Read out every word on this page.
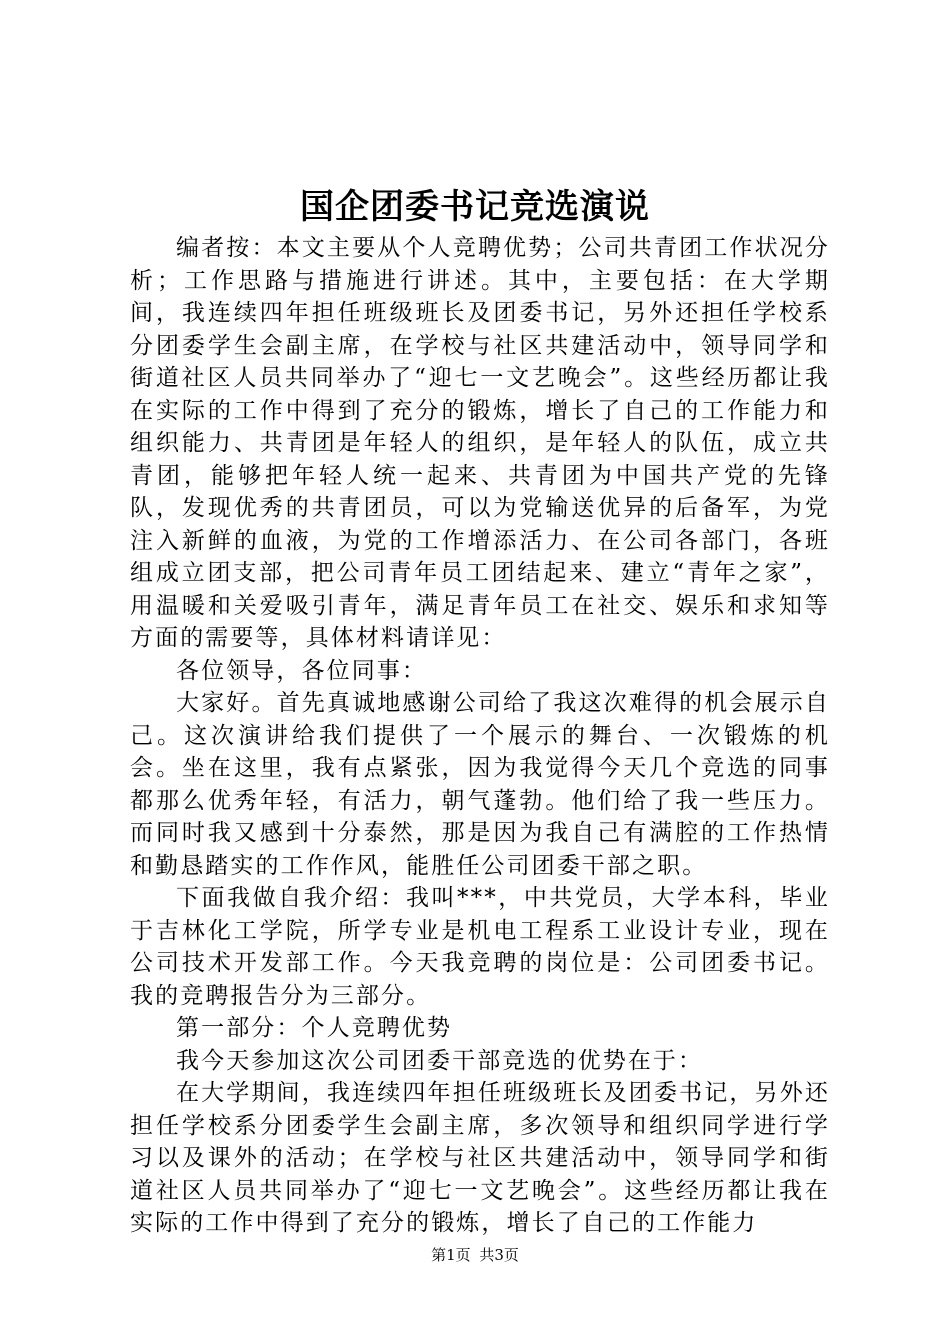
国企团委书记竞选演说

编者按：本文主要从个人竞聘优势；公司共青团工作状况分析；工作思路与措施进行讲述。其中，主要包括：在大学期间，我连续四年担任班级班长及团委书记，另外还担任学校系分团委学生会副主席，在学校与社区共建活动中，领导同学和街道社区人员共同举办了“迎七一文艺晚会”。这些经历都让我在实际的工作中得到了充分的锻炼，增长了自己的工作能力和组织能力、共青团是年轻人的组织，是年轻人的队伍，成立共青团，能够把年轻人统一起来、共青团为中国共产党的先锋队，发现优秀的共青团员，可以为党输送优异的后备军，为党注入新鲜的血液，为党的工作增添活力、在公司各部门，各班组成立团支部，把公司青年员工团结起来、建立“青年之家”，用温暖和关爱吸引青年，满足青年员工在社交、娱乐和求知等方面的需要等，具体材料请详见：

各位领导，各位同事：

大家好。首先真诚地感谢公司给了我这次难得的机会展示自己。这次演讲给我们提供了一个展示的舞台、一次锻炼的机会。坐在这里，我有点紧张，因为我觉得今天几个竞选的同事都那么优秀年轻，有活力，朝气蓬勃。他们给了我一些压力。而同时我又感到十分泰然，那是因为我自己有满腔的工作热情和勤恳踏实的工作作风，能胜任公司团委干部之职。

下面我做自我介绍：我叫***，中共党员，大学本科，毕业于吉林化工学院，所学专业是机电工程系工业设计专业，现在公司技术开发部工作。今天我竞聘的岗位是：公司团委书记。我的竞聘报告分为三部分。

第一部分：个人竞聘优势

我今天参加这次公司团委干部竞选的优势在于：

在大学期间，我连续四年担任班级班长及团委书记，另外还担任学校系分团委学生会副主席，多次领导和组织同学进行学习以及课外的活动；在学校与社区共建活动中，领导同学和街道社区人员共同举办了“迎七一文艺晚会”。这些经历都让我在实际的工作中得到了充分的锻炼，增长了自己的工作能力

第1页 共3页
